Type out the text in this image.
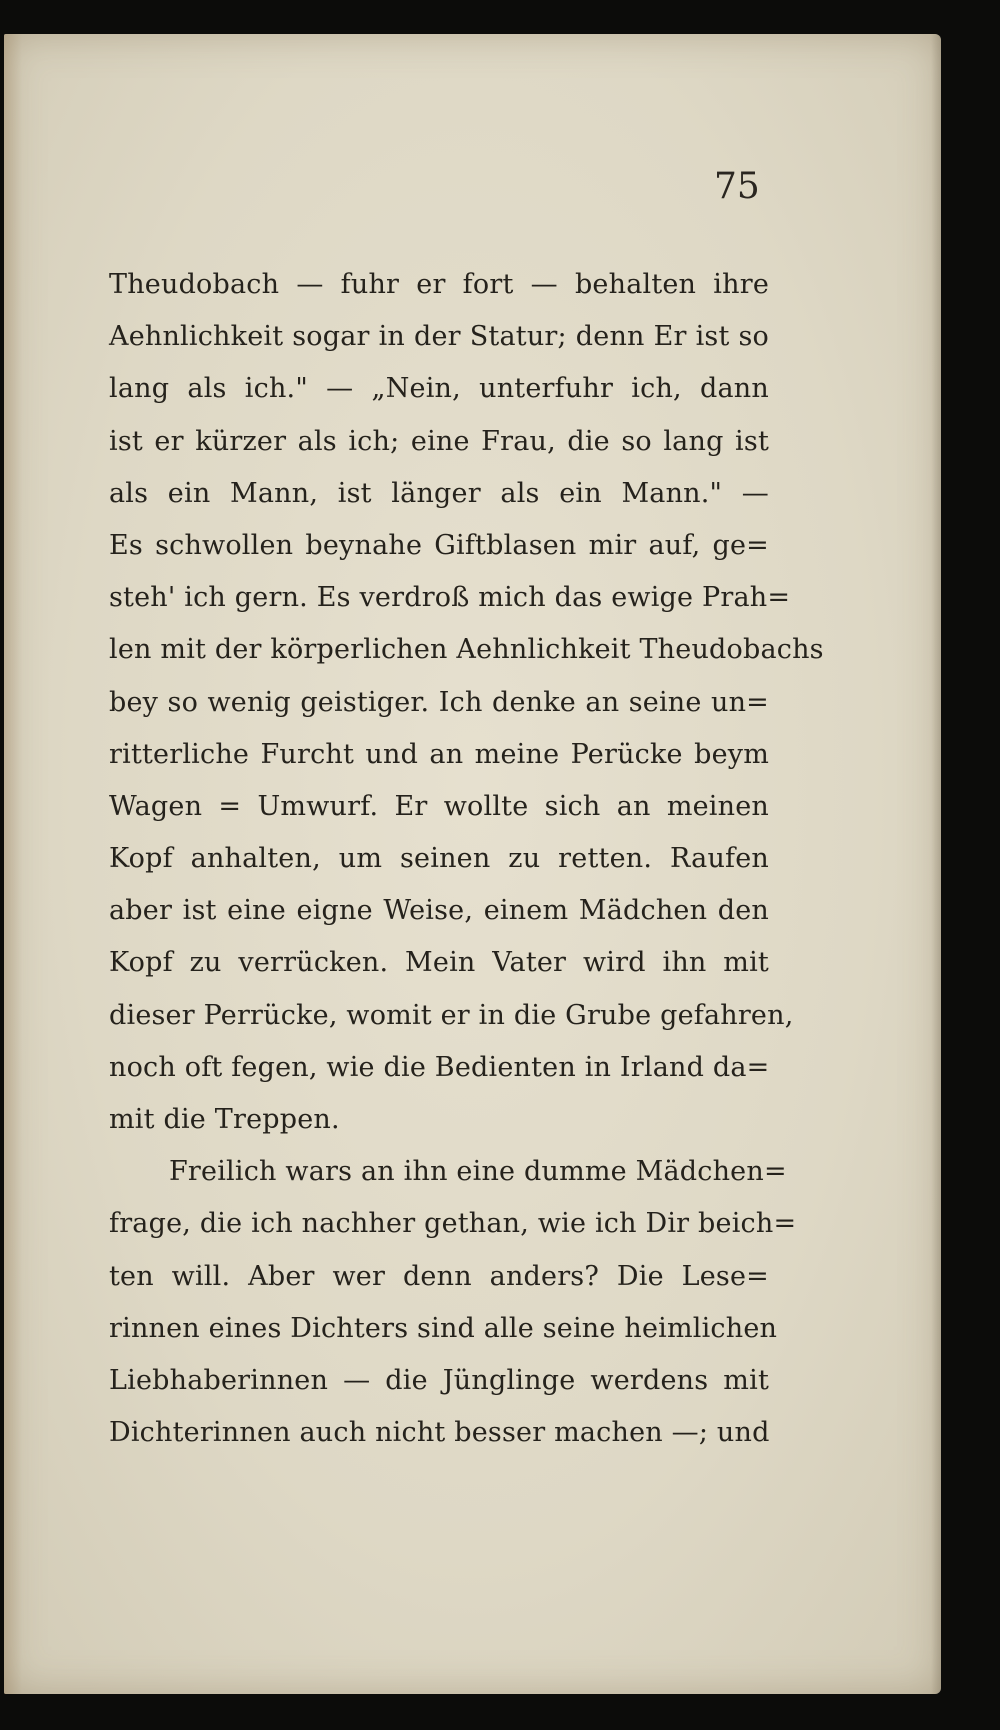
75
Theudobach — fuhr er fort — behalten ihre
Aehnlichkeit sogar in der Statur; denn Er ist so
lang als ich." — „Nein, unterfuhr ich, dann
ist er kürzer als ich; eine Frau, die so lang ist
als ein Mann, ist länger als ein Mann." —
Es schwollen beynahe Giftblasen mir auf, ge=
steh' ich gern. Es verdroß mich das ewige Prah=
len mit der körperlichen Aehnlichkeit Theudobachs
bey so wenig geistiger. Ich denke an seine un=
ritterliche Furcht und an meine Perücke beym
Wagen = Umwurf. Er wollte sich an meinen
Kopf anhalten, um seinen zu retten. Raufen
aber ist eine eigne Weise, einem Mädchen den
Kopf zu verrücken. Mein Vater wird ihn mit
dieser Perrücke, womit er in die Grube gefahren,
noch oft fegen, wie die Bedienten in Irland da=
mit die Treppen.
Freilich wars an ihn eine dumme Mädchen=
frage, die ich nachher gethan, wie ich Dir beich=
ten will. Aber wer denn anders? Die Lese=
rinnen eines Dichters sind alle seine heimlichen
Liebhaberinnen — die Jünglinge werdens mit
Dichterinnen auch nicht besser machen —; und
